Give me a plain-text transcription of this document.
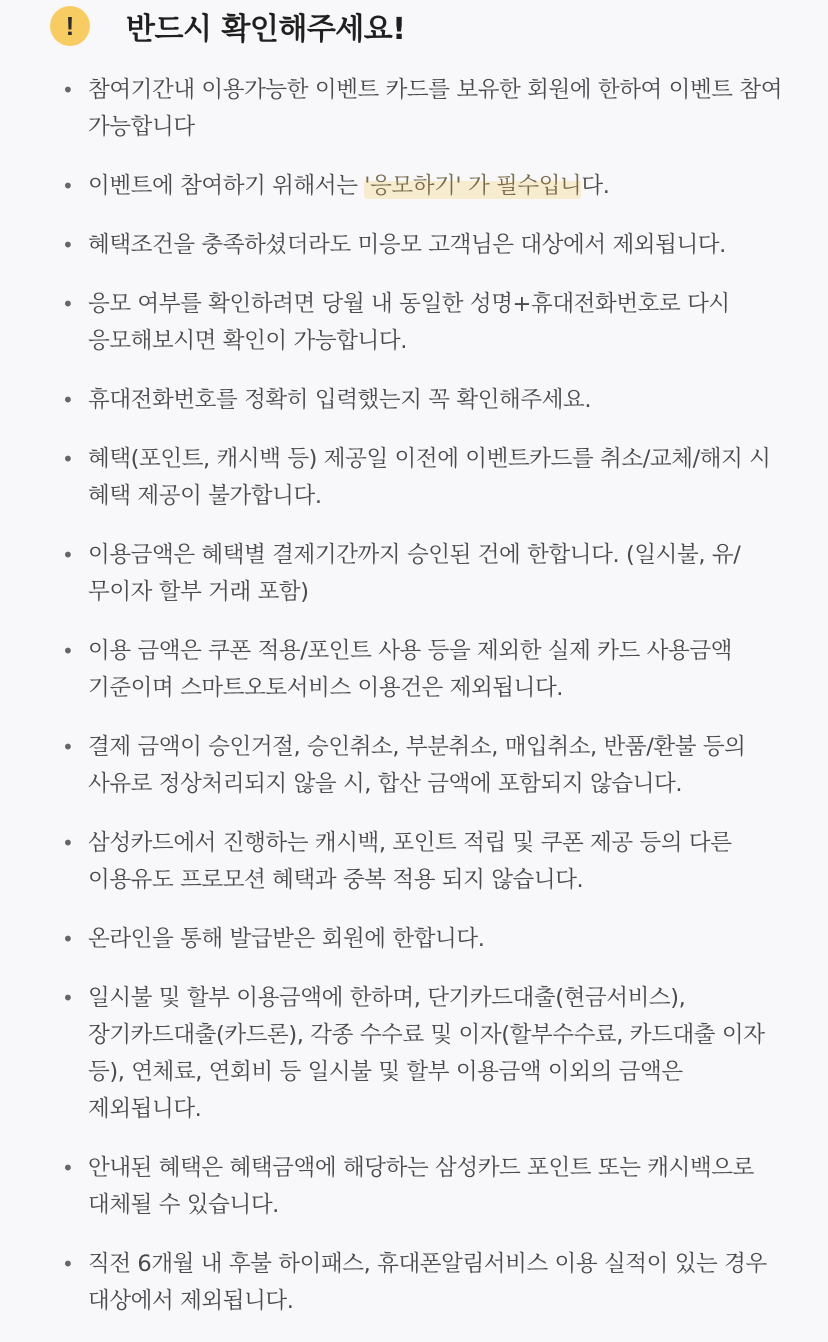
!	반드시 확인해주세요!
• 참여기간내 이용가능한 이벤트 카드를 보유한 회원에 한하여 이벤트 참여 가능합니다
• 이벤트에 참여하기 위해서는 '응모하기' 가 필수입니다.
• 혜택조건을 충족하셨더라도 미응모 고객님은 대상에서 제외됩니다.
• 응모 여부를 확인하려면 당월 내 동일한 성명+휴대전화번호로 다시 응모해보시면 확인이 가능합니다.
• 휴대전화번호를 정확히 입력했는지 꼭 확인해주세요.
• 혜택(포인트, 캐시백 등) 제공일 이전에 이벤트카드를 취소/교체/해지 시 혜택 제공이 불가합니다.
• 이용금액은 혜택별 결제기간까지 승인된 건에 한합니다. (일시불, 유/무이자 할부 거래 포함)
• 이용 금액은 쿠폰 적용/포인트 사용 등을 제외한 실제 카드 사용금액 기준이며 스마트오토서비스 이용건은 제외됩니다.
• 결제 금액이 승인거절, 승인취소, 부분취소, 매입취소, 반품/환불 등의 사유로 정상처리되지 않을 시, 합산 금액에 포함되지 않습니다.
• 삼성카드에서 진행하는 캐시백, 포인트 적립 및 쿠폰 제공 등의 다른 이용유도 프로모션 혜택과 중복 적용 되지 않습니다.
• 온라인을 통해 발급받은 회원에 한합니다.
• 일시불 및 할부 이용금액에 한하며, 단기카드대출(현금서비스), 장기카드대출(카드론), 각종 수수료 및 이자(할부수수료, 카드대출 이자 등), 연체료, 연회비 등 일시불 및 할부 이용금액 이외의 금액은 제외됩니다.
• 안내된 혜택은 혜택금액에 해당하는 삼성카드 포인트 또는 캐시백으로 대체될 수 있습니다.
• 직전 6개월 내 후불 하이패스, 휴대폰알림서비스 이용 실적이 있는 경우 대상에서 제외됩니다.
